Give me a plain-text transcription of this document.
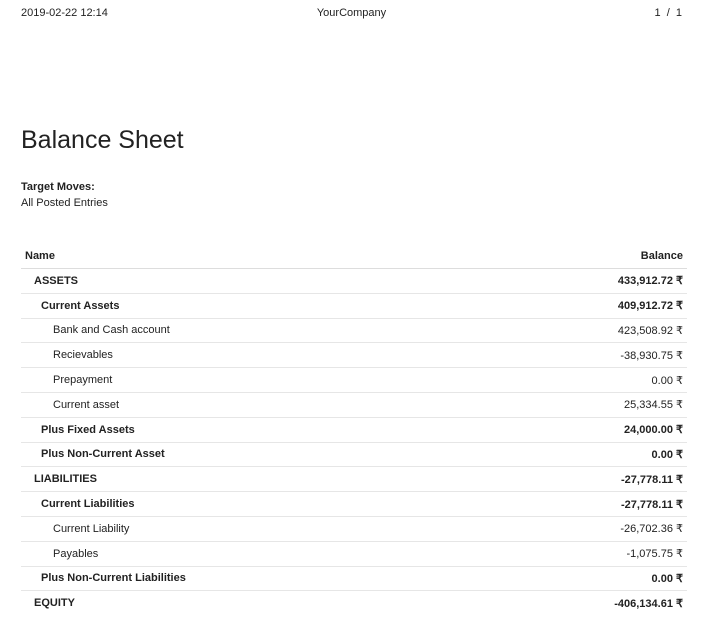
2019-02-22 12:14	YourCompany	1  /  1
Balance Sheet
Target Moves:
All Posted Entries
Name	Balance
ASSETS	433,912.72 ₹
Current Assets	409,912.72 ₹
Bank and Cash account	423,508.92 ₹
Recievables	-38,930.75 ₹
Prepayment	0.00 ₹
Current asset	25,334.55 ₹
Plus Fixed Assets	24,000.00 ₹
Plus Non-Current Asset	0.00 ₹
LIABILITIES	-27,778.11 ₹
Current Liabilities	-27,778.11 ₹
Current Liability	-26,702.36 ₹
Payables	-1,075.75 ₹
Plus Non-Current Liabilities	0.00 ₹
EQUITY	-406,134.61 ₹
